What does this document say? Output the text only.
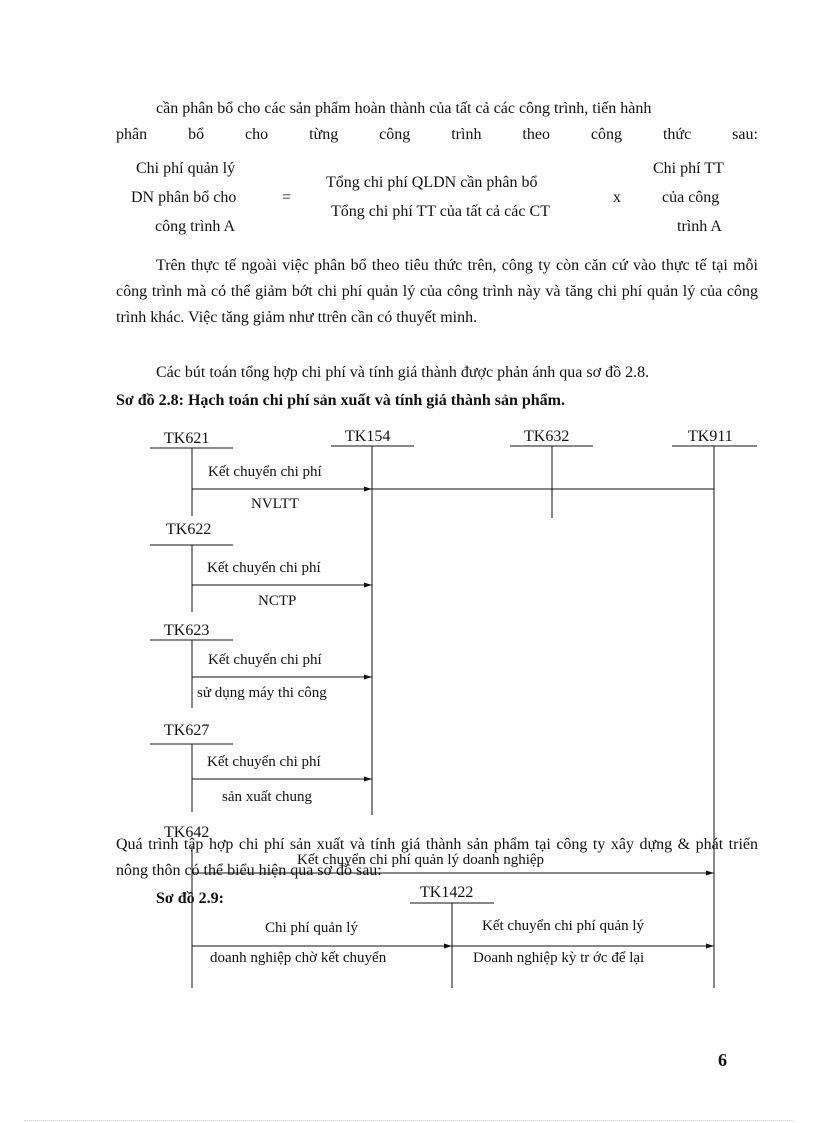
cần phân bổ cho các sản phẩm hoàn thành của tất cả các công trình, tiến hành
phân	bổ	cho	từng	công	trình	theo	công	thức	sau:
Chi phí quản lý
DN phân bổ cho
công trình A
=
Tổng chi phí QLDN cần phân bổ
Tổng chi phí TT của tất cả các CT
x
Chi phí TT
của công
trình A
Trên thực tế ngoài việc phân bổ theo tiêu thức trên, công ty còn căn cứ vào thực tế tại mỗi công trình mà có thể giảm bớt chi phí quản lý của công trình này và tăng chi phí quản lý của công trình khác. Việc tăng giảm như ttrên cần có thuyết minh.
Các bút toán tổng hợp chi phí và tính giá thành được phản ánh qua sơ đồ 2.8.
Sơ đồ 2.8: Hạch toán chi phí sản xuất và tính giá thành sản phẩm.
TK621	TK154	TK632	TK911
TK622
TK623
TK627
TK642
Kết chuyển chi phí
NVLTT
Kết chuyển chi phí
NCTP
Kết chuyển chi phí
sử dụng máy thi công
Kết chuyển chi phí
sản xuất chung
Kết chuyển chi phí quản lý doanh nghiệp
Quá trình tập hợp chi phí sản xuất và tính giá thành sản phẩm tại công ty xây dựng & phát triển nông thôn có thể biểu hiện qua sơ đồ sau:
Sơ đồ 2.9:	TK1422
Chi phí quản lý
doanh nghiệp chờ kết chuyển
Kết chuyển chi phí quản lý
Doanh nghiệp kỳ tr ớc để lại
6
